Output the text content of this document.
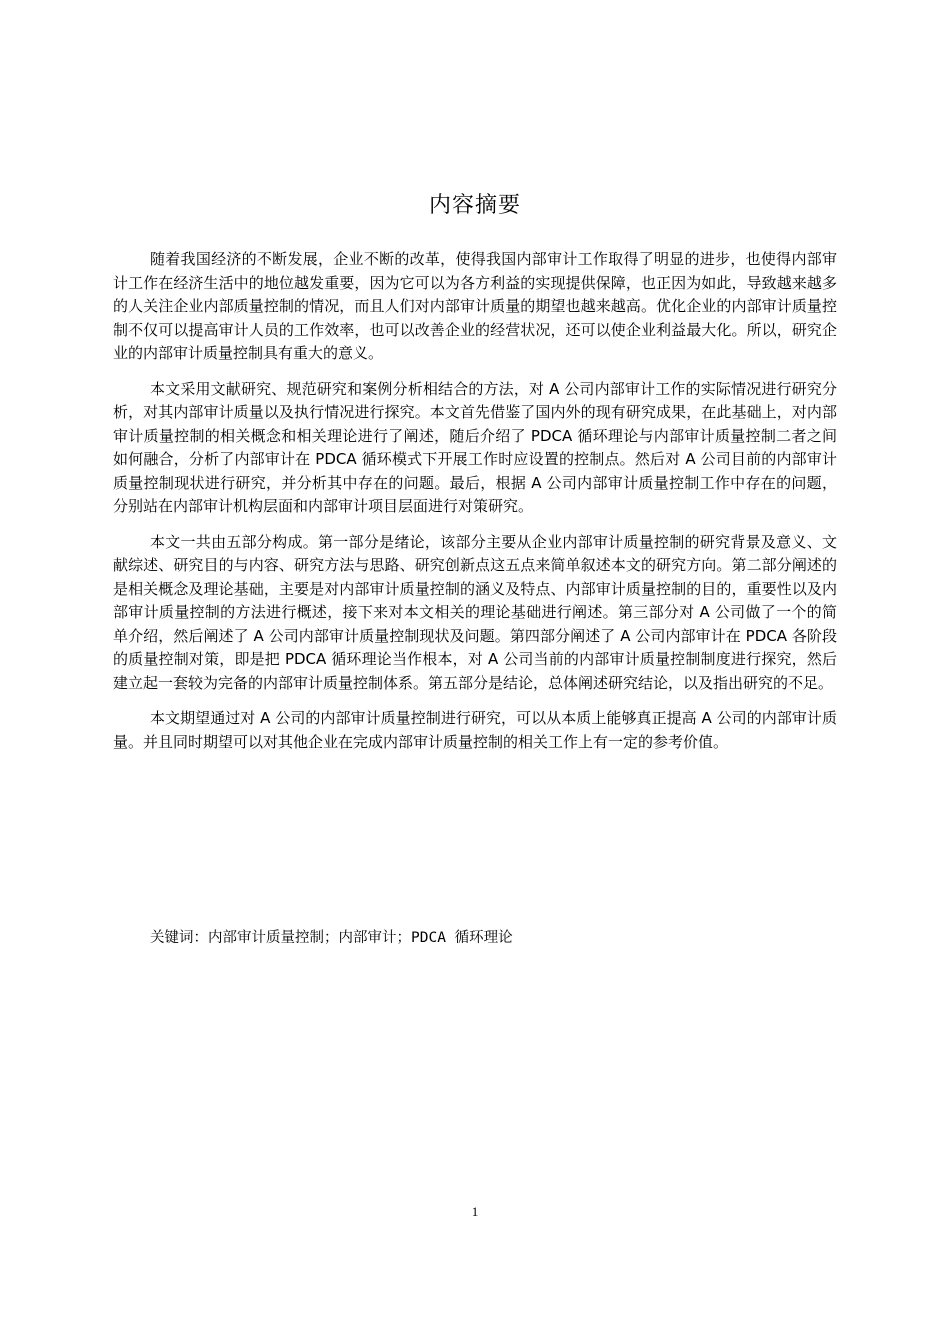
内容摘要

随着我国经济的不断发展，企业不断的改革，使得我国内部审计工作取得了明显的进步，也使得内部审计工作在经济生活中的地位越发重要，因为它可以为各方利益的实现提供保障，也正因为如此，导致越来越多的人关注企业内部质量控制的情况，而且人们对内部审计质量的期望也越来越高。优化企业的内部审计质量控制不仅可以提高审计人员的工作效率，也可以改善企业的经营状况，还可以使企业利益最大化。所以，研究企业的内部审计质量控制具有重大的意义。

本文采用文献研究、规范研究和案例分析相结合的方法，对 A 公司内部审计工作的实际情况进行研究分析，对其内部审计质量以及执行情况进行探究。本文首先借鉴了国内外的现有研究成果，在此基础上，对内部审计质量控制的相关概念和相关理论进行了阐述，随后介绍了 PDCA 循环理论与内部审计质量控制二者之间如何融合，分析了内部审计在 PDCA 循环模式下开展工作时应设置的控制点。然后对 A 公司目前的内部审计质量控制现状进行研究，并分析其中存在的问题。最后，根据 A 公司内部审计质量控制工作中存在的问题，分别站在内部审计机构层面和内部审计项目层面进行对策研究。

本文一共由五部分构成。第一部分是绪论，该部分主要从企业内部审计质量控制的研究背景及意义、文献综述、研究目的与内容、研究方法与思路、研究创新点这五点来简单叙述本文的研究方向。第二部分阐述的是相关概念及理论基础，主要是对内部审计质量控制的涵义及特点、内部审计质量控制的目的，重要性以及内部审计质量控制的方法进行概述，接下来对本文相关的理论基础进行阐述。第三部分对 A 公司做了一个的简单介绍，然后阐述了 A 公司内部审计质量控制现状及问题。第四部分阐述了 A 公司内部审计在 PDCA 各阶段的质量控制对策，即是把 PDCA 循环理论当作根本，对 A 公司当前的内部审计质量控制制度进行探究，然后建立起一套较为完备的内部审计质量控制体系。第五部分是结论，总体阐述研究结论，以及指出研究的不足。

本文期望通过对 A 公司的内部审计质量控制进行研究，可以从本质上能够真正提高 A 公司的内部审计质量。并且同时期望可以对其他企业在完成内部审计质量控制的相关工作上有一定的参考价值。

关键词：内部审计质量控制；内部审计；PDCA 循环理论
1
